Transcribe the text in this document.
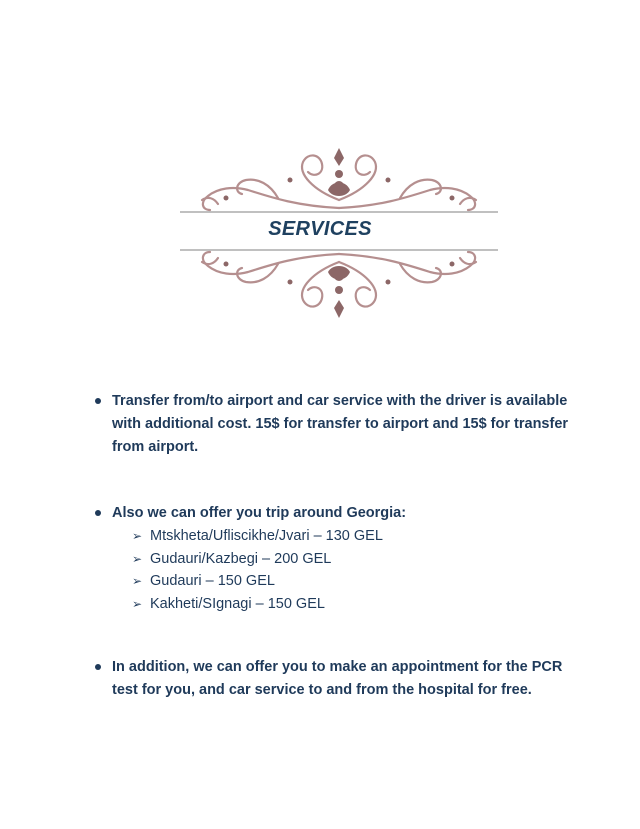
SERVICES
Transfer from/to airport and car service with the driver is available with additional cost. 15$ for transfer to airport and 15$ for transfer from airport.
Also we can offer you trip around Georgia:
➢ Mtskheta/Ufliscikhe/Jvari – 130 GEL
➢ Gudauri/Kazbegi – 200 GEL
➢ Gudauri – 150 GEL
➢ Kakheti/SIgnagi – 150 GEL
In addition, we can offer you to make an appointment for the PCR test for you, and car service to and from the hospital for free.
